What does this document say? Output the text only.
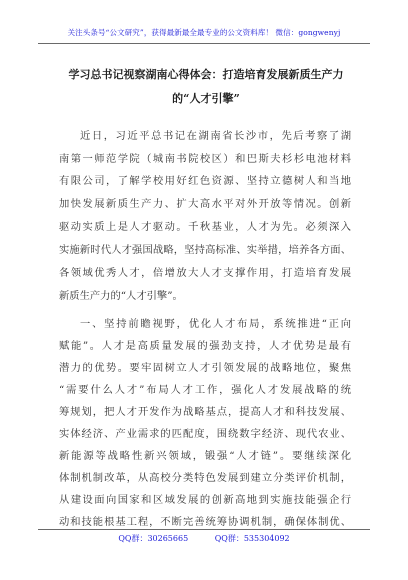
关注头条号“公文研究”，获得最新最全最专业的公文资料库！ 微信：gongwenyj
学习总书记视察湖南心得体会：打造培育发展新质生产力
的“人才引擎”
近日，习近平总书记在湖南省长沙市，先后考察了湖
南第一师范学院（城南书院校区）和巴斯夫杉杉电池材料
有限公司，了解学校用好红色资源、坚持立德树人和当地
加快发展新质生产力、扩大高水平对外开放等情况。创新
驱动实质上是人才驱动。千秋基业，人才为先。必须深入
实施新时代人才强国战略，坚持高标准、实举措，培养各方面、
各领域优秀人才，倍增放大人才支撑作用，打造培育发展
新质生产力的“人才引擎”。
一、坚持前瞻视野，优化人才布局，系统推进“正向
赋能”。人才是高质量发展的强劲支持，人才优势是最有
潜力的优势。要牢固树立人才引领发展的战略地位，聚焦
“需要什么人才”布局人才工作，强化人才发展战略的统
筹规划，把人才开发作为战略基点，提高人才和科技发展、
实体经济、产业需求的匹配度，围绕数字经济、现代农业、
新能源等战略性新兴领域，锻强“人才链”。要继续深化
体制机制改革，从高校分类特色发展到建立分类评价机制，
从建设面向国家和区域发展的创新高地到实施技能强企行
动和技能根基工程，不断完善统筹协调机制，确保体制优、
QQ群：30265665	QQ群：535304092
